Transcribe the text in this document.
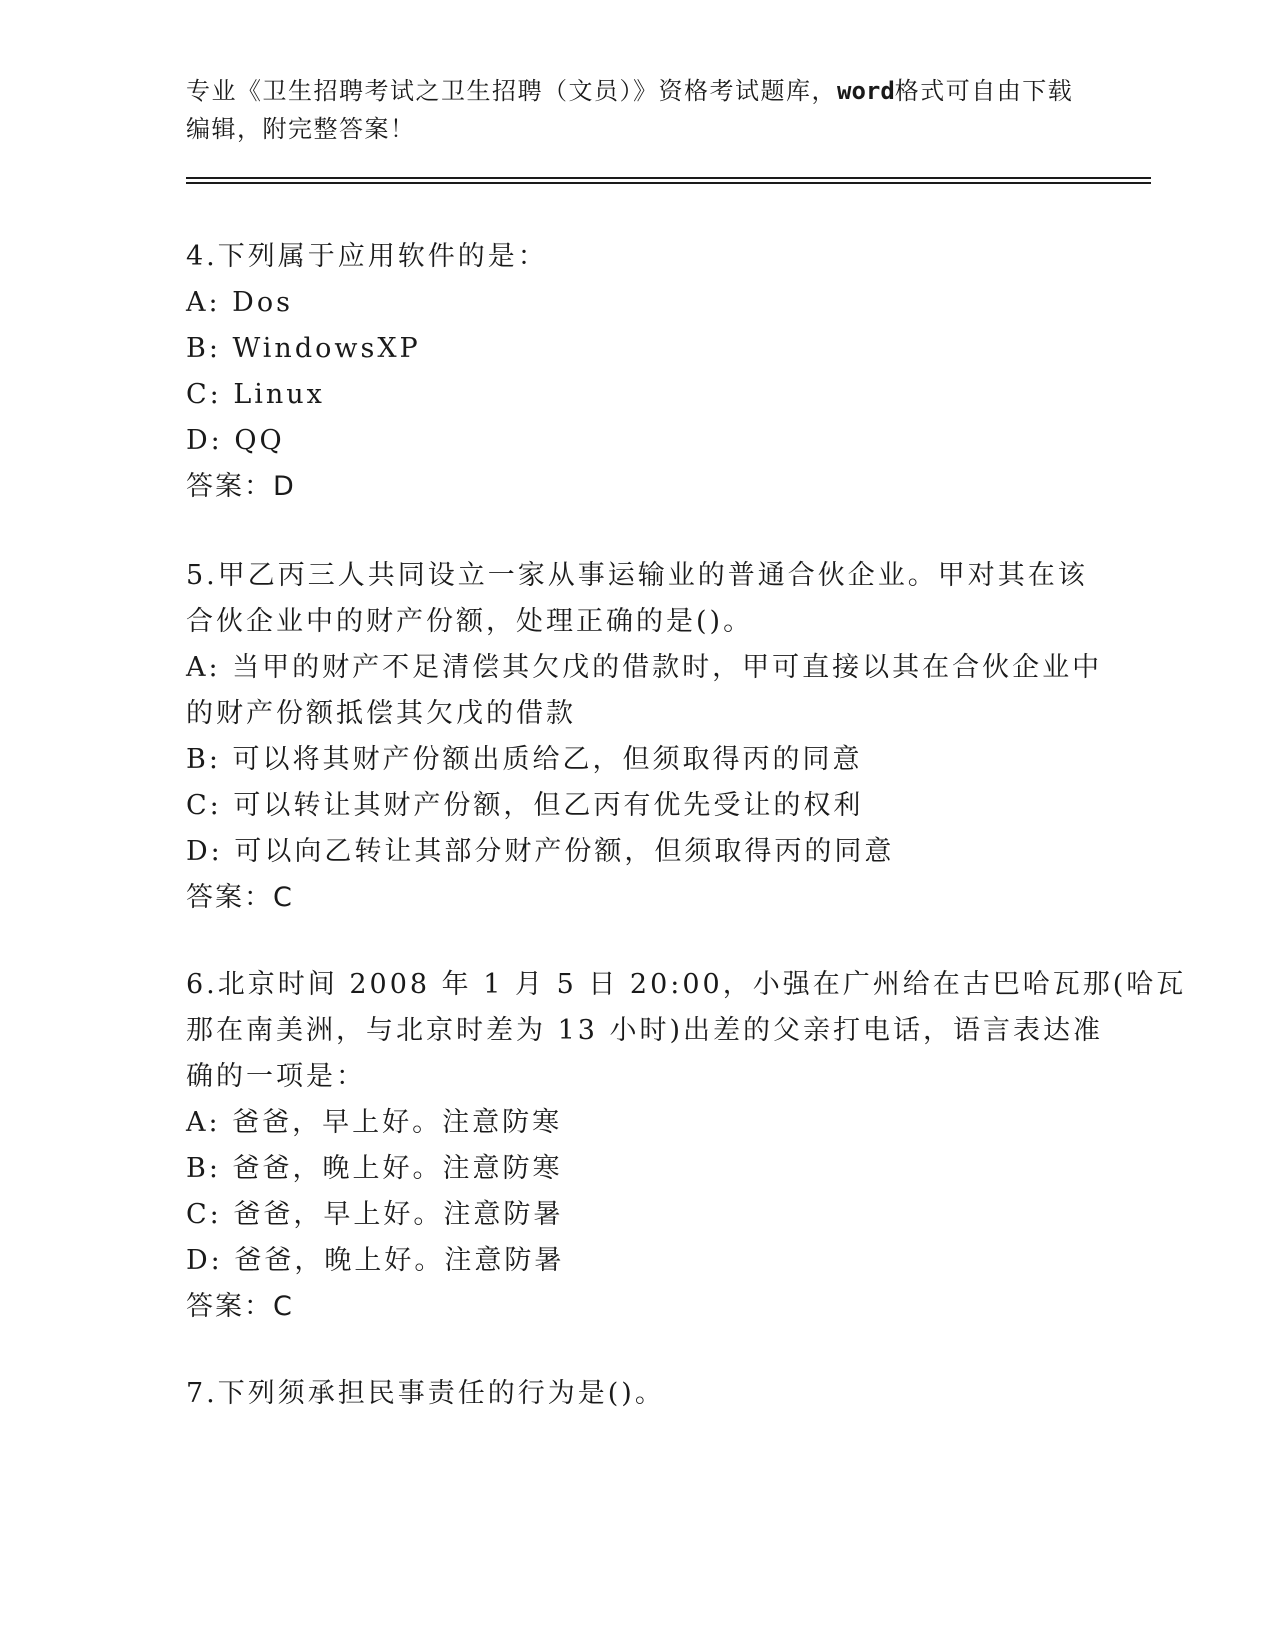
专业《卫生招聘考试之卫生招聘（文员）》资格考试题库，word格式可自由下载
编辑，附完整答案！
4.下列属于应用软件的是：
A: Dos
B: WindowsXP
C: Linux
D: QQ
答案：D
5.甲乙丙三人共同设立一家从事运输业的普通合伙企业。甲对其在该
合伙企业中的财产份额，处理正确的是()。
A: 当甲的财产不足清偿其欠戊的借款时，甲可直接以其在合伙企业中
的财产份额抵偿其欠戊的借款
B: 可以将其财产份额出质给乙，但须取得丙的同意
C: 可以转让其财产份额，但乙丙有优先受让的权利
D: 可以向乙转让其部分财产份额，但须取得丙的同意
答案：C
6.北京时间 2008 年 1 月 5 日 20:00，小强在广州给在古巴哈瓦那(哈瓦
那在南美洲，与北京时差为 13 小时)出差的父亲打电话，语言表达准
确的一项是：
A: 爸爸，早上好。注意防寒
B: 爸爸，晚上好。注意防寒
C: 爸爸，早上好。注意防暑
D: 爸爸，晚上好。注意防暑
答案：C
7.下列须承担民事责任的行为是()。
